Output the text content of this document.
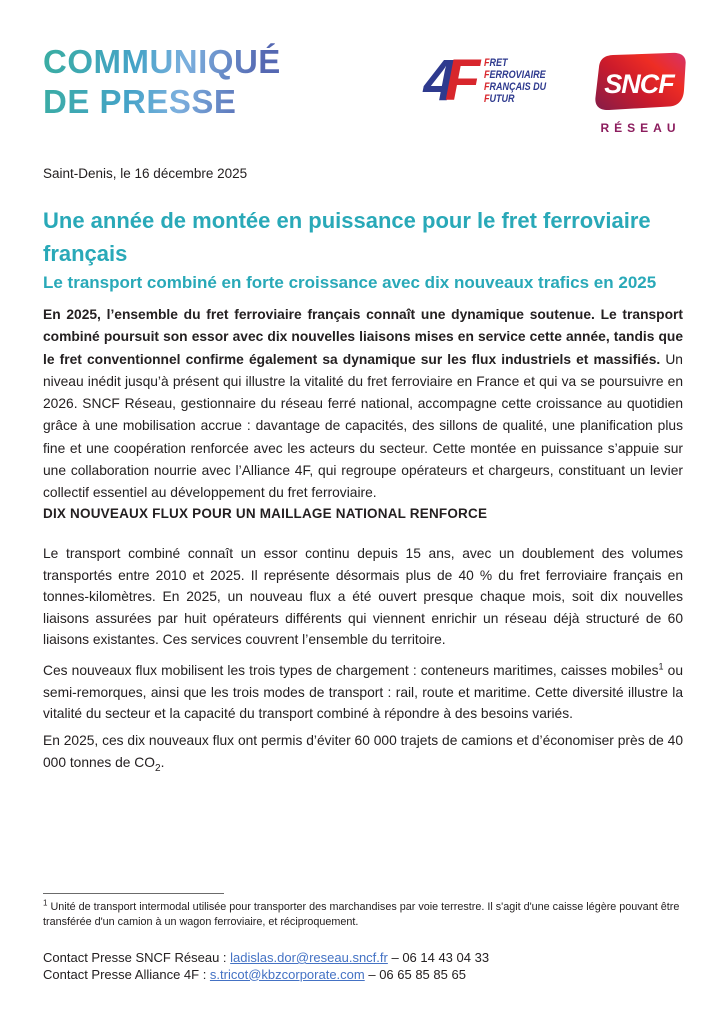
COMMUNIQUÉ
DE PRESSE	4F FRET
FERROVIAIRE
FRANÇAIS DU
FUTUR	SNCF
RÉSEAU
Saint-Denis, le 16 décembre 2025
Une année de montée en puissance pour le fret ferroviaire français
Le transport combiné en forte croissance avec dix nouveaux trafics en 2025

En 2025, l’ensemble du fret ferroviaire français connaît une dynamique soutenue. Le transport combiné poursuit son essor avec dix nouvelles liaisons mises en service cette année, tandis que le fret conventionnel confirme également sa dynamique sur les flux industriels et massifiés. Un niveau inédit jusqu’à présent qui illustre la vitalité du fret ferroviaire en France et qui va se poursuivre en 2026. SNCF Réseau, gestionnaire du réseau ferré national, accompagne cette croissance au quotidien grâce à une mobilisation accrue : davantage de capacités, des sillons de qualité, une planification plus fine et une coopération renforcée avec les acteurs du secteur. Cette montée en puissance s’appuie sur une collaboration nourrie avec l’Alliance 4F, qui regroupe opérateurs et chargeurs, constituant un levier collectif essentiel au développement du fret ferroviaire.

DIX NOUVEAUX FLUX POUR UN MAILLAGE NATIONAL RENFORCE

Le transport combiné connaît un essor continu depuis 15 ans, avec un doublement des volumes transportés entre 2010 et 2025. Il représente désormais plus de 40 % du fret ferroviaire français en tonnes-kilomètres. En 2025, un nouveau flux a été ouvert presque chaque mois, soit dix nouvelles liaisons assurées par huit opérateurs différents qui viennent enrichir un réseau déjà structuré de 60 liaisons existantes. Ces services couvrent l’ensemble du territoire.

Ces nouveaux flux mobilisent les trois types de chargement : conteneurs maritimes, caisses mobiles$^1$ ou semi-remorques, ainsi que les trois modes de transport : rail, route et maritime. Cette diversité illustre la vitalité du secteur et la capacité du transport combiné à répondre à des besoins variés.

En 2025, ces dix nouveaux flux ont permis d’éviter 60 000 trajets de camions et d’économiser près de 40 000 tonnes de $CO_2$.

$^1$ Unité de transport intermodal utilisée pour transporter des marchandises par voie terrestre. Il s'agit d'une caisse légère pouvant être transférée d'un camion à un wagon ferroviaire, et réciproquement.

Contact Presse SNCF Réseau : ladislas.dor@reseau.sncf.fr – 06 14 43 04 33
Contact Presse Alliance 4F : s.tricot@kbzcorporate.com – 06 65 85 85 65
